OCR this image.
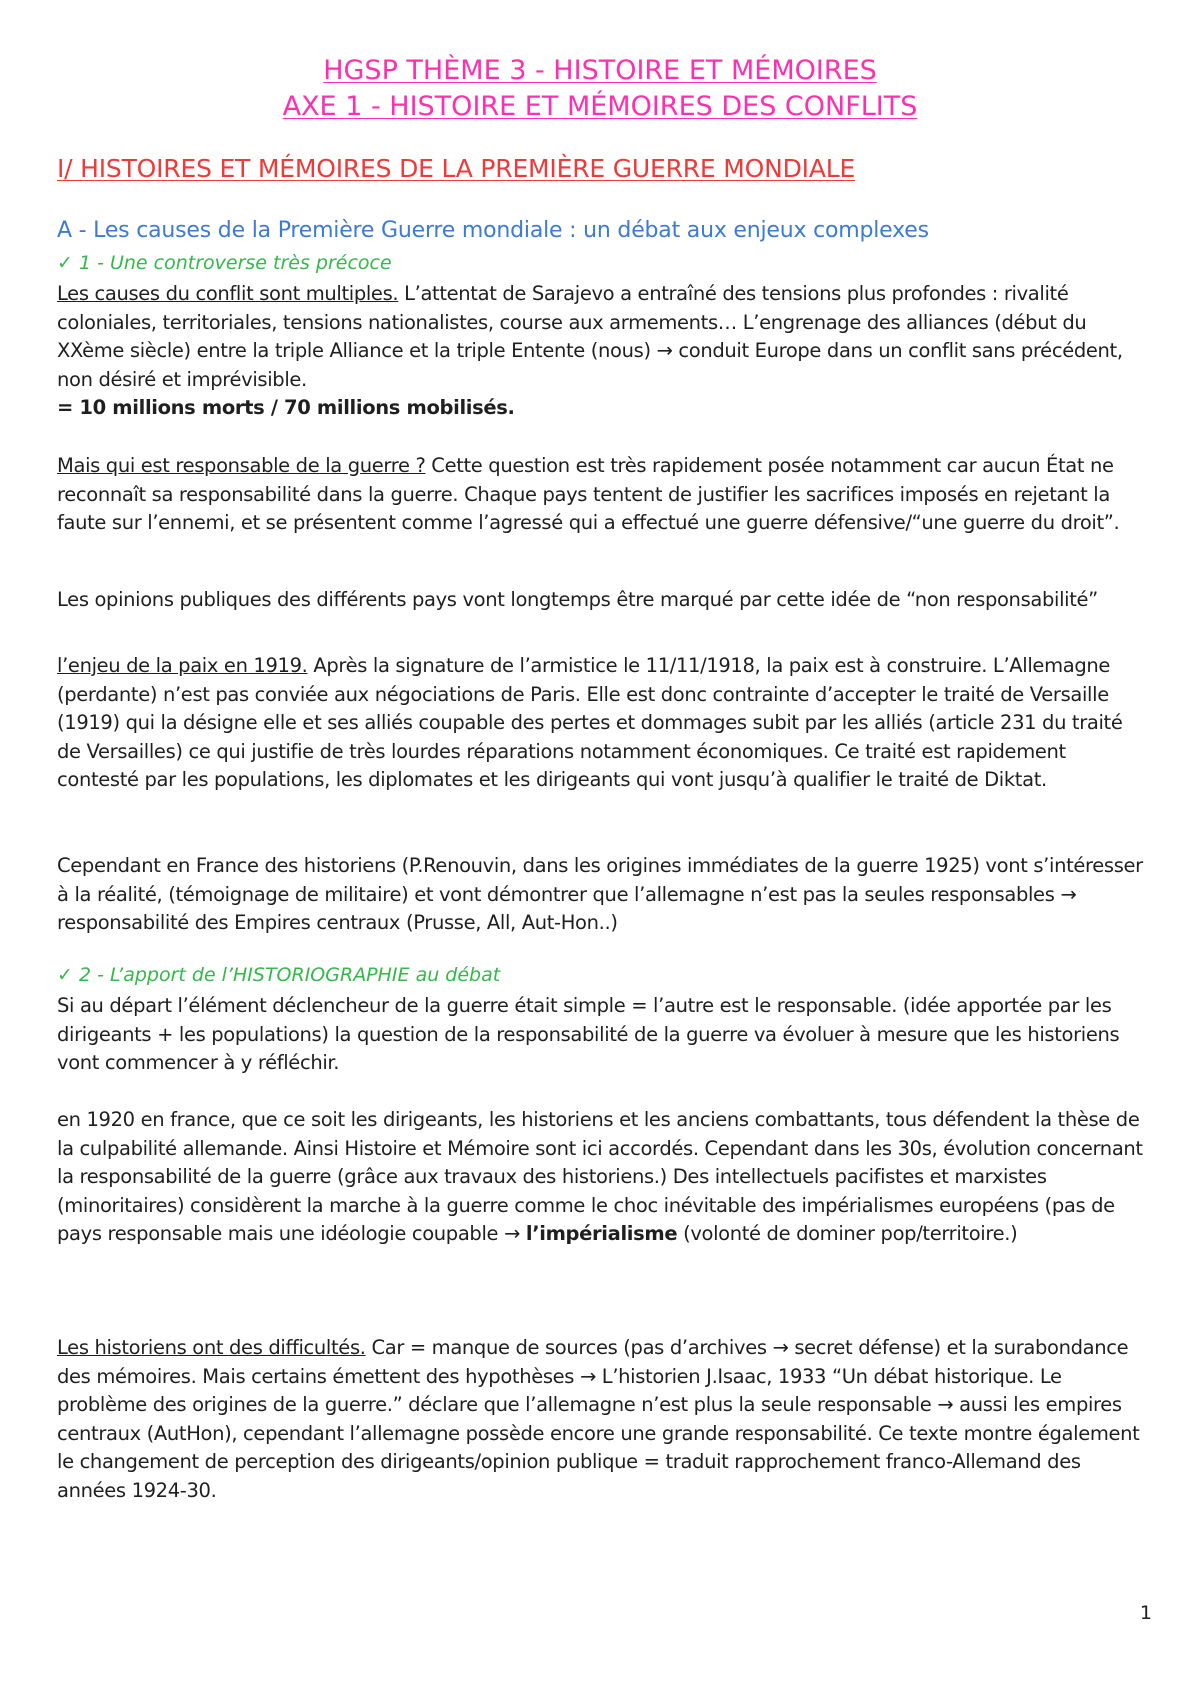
HGSP THÈME 3 - HISTOIRE ET MÉMOIRES

AXE 1 - HISTOIRE ET MÉMOIRES DES CONFLITS

I/ HISTOIRES ET MÉMOIRES DE LA PREMIÈRE GUERRE MONDIALE
A - Les causes de la Première Guerre mondiale : un débat aux enjeux complexes

✓ 1 - Une controverse très précoce

Les causes du conflit sont multiples. L’attentat de Sarajevo a entraîné des tensions plus profondes : rivalité coloniales, territoriales, tensions nationalistes, course aux armements… L’engrenage des alliances (début du XXème siècle) entre la triple Alliance et la triple Entente (nous) → conduit Europe dans un conflit sans précédent, non désiré et imprévisible.
= 10 millions morts / 70 millions mobilisés.

Mais qui est responsable de la guerre ? Cette question est très rapidement posée notamment car aucun État ne reconnaît sa responsabilité dans la guerre. Chaque pays tentent de justifier les sacrifices imposés en rejetant la faute sur l’ennemi, et se présentent comme l’agressé qui a effectué une guerre défensive/“une guerre du droit”.

Les opinions publiques des différents pays vont longtemps être marqué par cette idée de “non responsabilité”

l’enjeu de la paix en 1919. Après la signature de l’armistice le 11/11/1918, la paix est à construire. L’Allemagne (perdante) n’est pas conviée aux négociations de Paris. Elle est donc contrainte d’accepter le traité de Versaille (1919) qui la désigne elle et ses alliés coupable des pertes et dommages subit par les alliés (article 231 du traité de Versailles) ce qui justifie de très lourdes réparations notamment économiques. Ce traité est rapidement contesté par les populations, les diplomates et les dirigeants qui vont jusqu’à qualifier le traité de Diktat.

Cependant en France des historiens (P.Renouvin, dans les origines immédiates de la guerre 1925) vont s’intéresser à la réalité, (témoignage de militaire) et vont démontrer que l’allemagne n’est pas la seules responsables → responsabilité des Empires centraux (Prusse, All, Aut-Hon..)

✓ 2 - L’apport de l’HISTORIOGRAPHIE au débat

Si au départ l’élément déclencheur de la guerre était simple = l’autre est le responsable. (idée apportée par les dirigeants + les populations) la question de la responsabilité de la guerre va évoluer à mesure que les historiens vont commencer à y réfléchir.

en 1920 en france, que ce soit les dirigeants, les historiens et les anciens combattants, tous défendent la thèse de la culpabilité allemande. Ainsi Histoire et Mémoire sont ici accordés. Cependant dans les 30s, évolution concernant la responsabilité de la guerre (grâce aux travaux des historiens.) Des intellectuels pacifistes et marxistes (minoritaires) considèrent la marche à la guerre comme le choc inévitable des impérialismes européens (pas de pays responsable mais une idéologie coupable → l’impérialisme (volonté de dominer pop/territoire.)

Les historiens ont des difficultés. Car = manque de sources (pas d’archives → secret défense) et la surabondance des mémoires. Mais certains émettent des hypothèses → L’historien J.Isaac, 1933 “Un débat historique. Le problème des origines de la guerre.” déclare que l’allemagne n’est plus la seule responsable → aussi les empires centraux (AutHon), cependant l’allemagne possède encore une grande responsabilité. Ce texte montre également le changement de perception des dirigeants/opinion publique = traduit rapprochement franco-Allemand des années 1924-30.

1
